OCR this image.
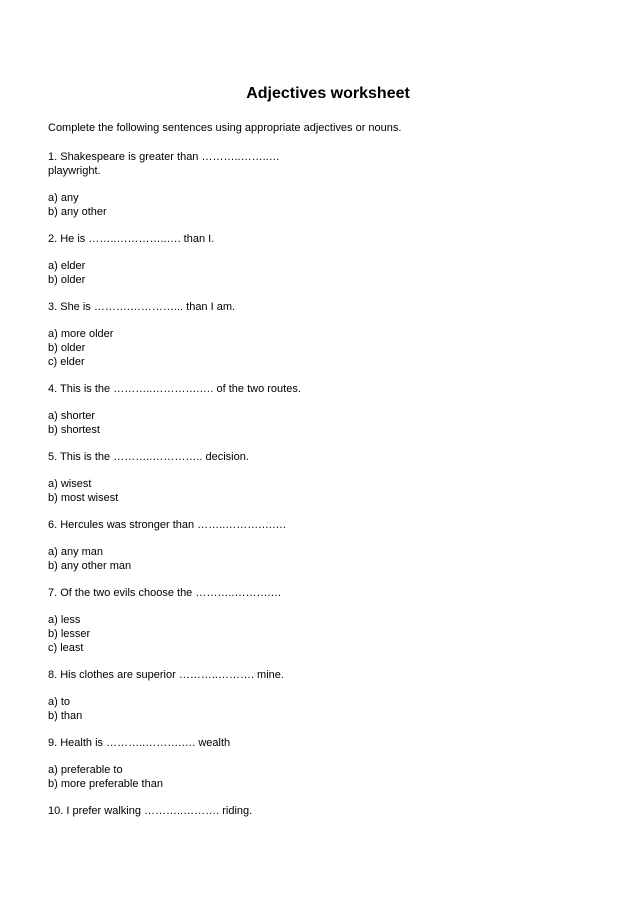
Adjectives worksheet
Complete the following sentences using appropriate adjectives or nouns.
1. Shakespeare is greater than ………..……..…
playwright.
a) any
b) any other
2. He is ……..…………..…. than I.
a) elder
b) older
3. She is ……….…………... than I am.
a) more older
b) older
c) elder
4. This is the ………..………….…. of the two routes.
a) shorter
b) shortest
5. This is the ………..………….. decision.
a) wisest
b) most wisest
6. Hercules was stronger than ……..……….….…
a) any man
b) any other man
7. Of the two evils choose the ………..……….…
a) less
b) lesser
c) least
8. His clothes are superior ………..………. mine.
a) to
b) than
9. Health is ………..……….…. wealth
a) preferable to
b) more preferable than
10. I prefer walking ………..………. riding.
